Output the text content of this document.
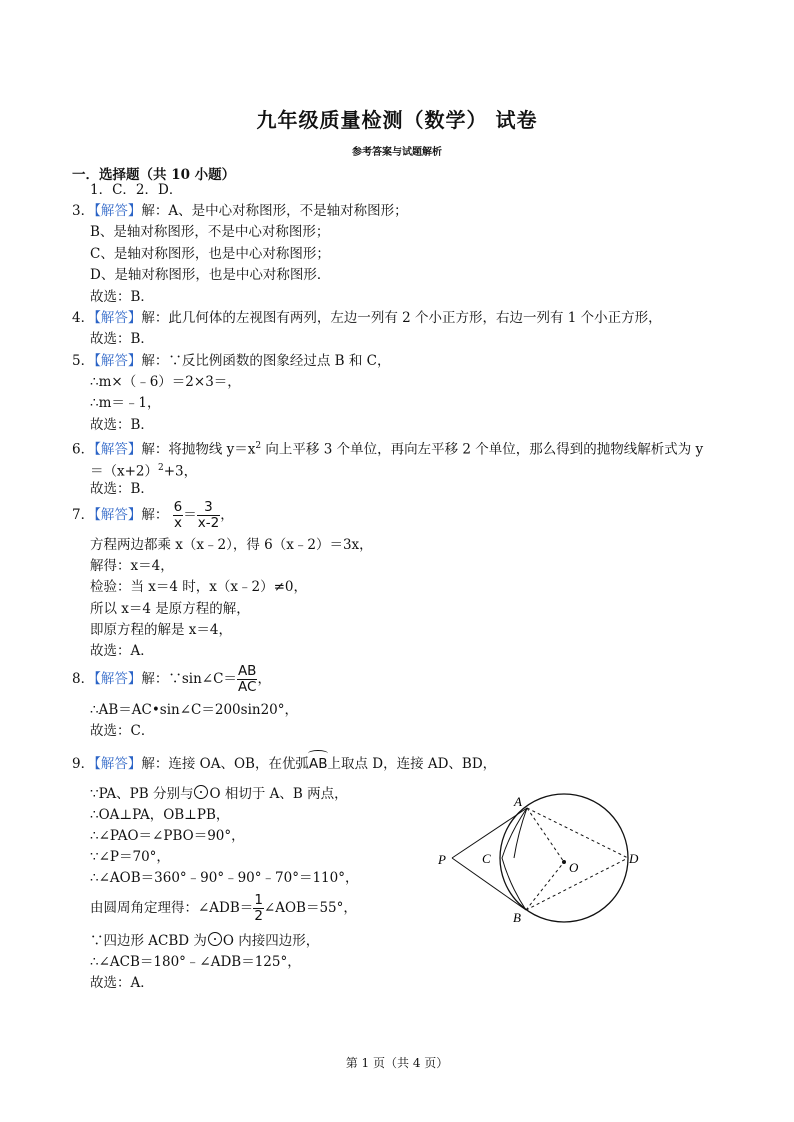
九年级质量检测（数学） 试卷
参考答案与试题解析
一．选择题（共 10 小题）
1．C．2．D．
3．【解答】解：A、是中心对称图形，不是轴对称图形；
B、是轴对称图形，不是中心对称图形；
C、是轴对称图形，也是中心对称图形；
D、是轴对称图形，也是中心对称图形．
故选：B．
4．【解答】解：此几何体的左视图有两列，左边一列有 2 个小正方形，右边一列有 1 个小正方形，
故选：B．
5．【解答】解：∵反比例函数的图象经过点 B 和 C，
∴m×（﹣6）＝2×3＝，
∴m＝﹣1，
故选：B．
6．【解答】解：将抛物线 $y=x^2$ 向上平移 3 个单位，再向左平移 2 个单位，那么得到的抛物线解析式为 y
$=(x+2)^2+3$，
故选：B．
7．【解答】解： $\frac{6}{x} = \frac{3}{x-2}$ ，
方程两边都乘 x（x﹣2），得 6（x﹣2）＝3x，
解得：x＝4，
检验：当 x＝4 时，x（x﹣2）≠0，
所以 x＝4 是原方程的解，
即原方程的解是 x＝4，
故选：A．
8．【解答】解：∵sin∠C＝ $\frac{AB}{AC}$ ，
∴AB＝AC•sin∠C＝200sin20°，
故选：C．
9．【解答】解：连接 OA、OB，在优弧AB上取点 D，连接 AD、BD，
∵PA、PB 分别与 O 相切于 A、B 两点，
∴OA⊥PA，OB⊥PB，
∴∠PAO＝∠PBO＝90°，
∵∠P＝70°，
∴∠AOB＝360°﹣90°﹣90°﹣70°＝110°，
由圆周角定理得：∠ADB＝ $\frac{1}{2}$ ∠AOB＝55°，
∵四边形 ACBD 为 O 内接四边形，
∴∠ACB＝180°﹣∠ADB＝125°，
故选：A．
A
B
C	D
O
P
第 1 页（共 4 页）
